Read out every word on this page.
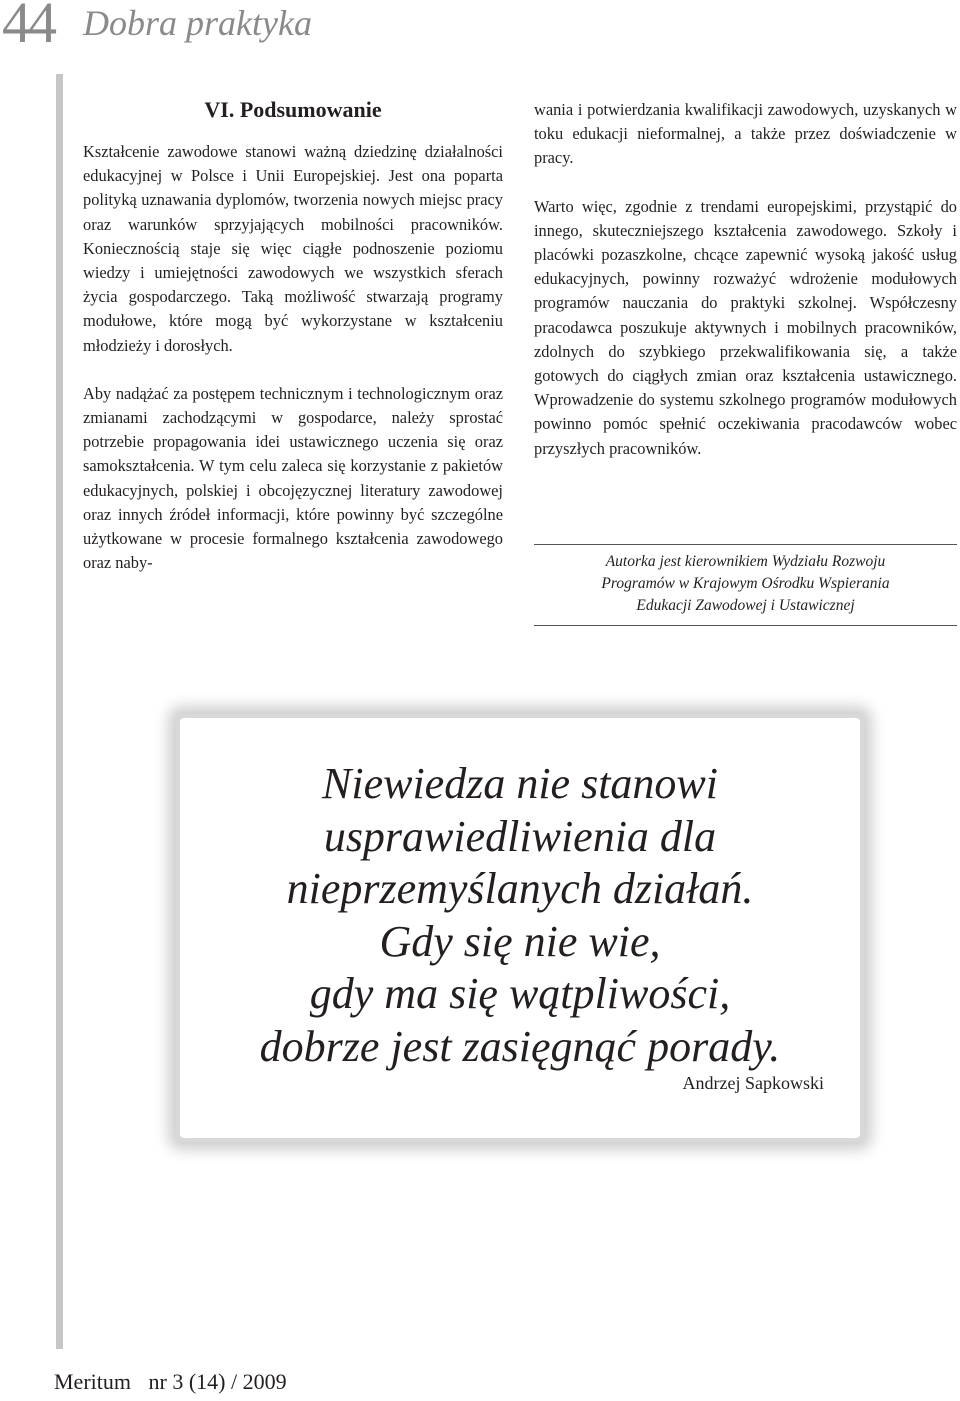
44 Dobra praktyka
VI. Podsumowanie

Kształcenie zawodowe stanowi ważną dziedzinę działalności edukacyjnej w Polsce i Unii Europejskiej. Jest ona poparta polityką uznawania dyplomów, tworzenia nowych miejsc pracy oraz warunków sprzyjających mobilności pracowników. Koniecznością staje się więc ciągłe podnoszenie poziomu wiedzy i umiejętności zawodowych we wszystkich sferach życia gospodarczego. Taką możliwość stwarzają programy modułowe, które mogą być wykorzystane w kształceniu młodzieży i dorosłych.

Aby nadążać za postępem technicznym i technologicznym oraz zmianami zachodzącymi w gospodarce, należy sprostać potrzebie propagowania idei ustawicznego uczenia się oraz samokształcenia. W tym celu zaleca się korzystanie z pakietów edukacyjnych, polskiej i obcojęzycznej literatury zawodowej oraz innych źródeł informacji, które powinny być szczególne użytkowane w procesie formalnego kształcenia zawodowego oraz naby-

wania i potwierdzania kwalifikacji zawodowych, uzyskanych w toku edukacji nieformalnej, a także przez doświadczenie w pracy.

Warto więc, zgodnie z trendami europejskimi, przystąpić do innego, skuteczniejszego kształcenia zawodowego. Szkoły i placówki pozaszkolne, chcące zapewnić wysoką jakość usług edukacyjnych, powinny rozważyć wdrożenie modułowych programów nauczania do praktyki szkolnej. Współczesny pracodawca poszukuje aktywnych i mobilnych pracowników, zdolnych do szybkiego przekwalifikowania się, a także gotowych do ciągłych zmian oraz kształcenia ustawicznego. Wprowadzenie do systemu szkolnego programów modułowych powinno pomóc spełnić oczekiwania pracodawców wobec przyszłych pracowników.

Autorka jest kierownikiem Wydziału Rozwoju
Programów w Krajowym Ośrodku Wspierania
Edukacji Zawodowej i Ustawicznej
Niewiedza nie stanowi
usprawiedliwienia dla
nieprzemyślanych działań.
Gdy się nie wie,
gdy ma się wątpliwości,
dobrze jest zasięgnąć porady.
Andrzej Sapkowski
Meritum nr 3 (14) / 2009
